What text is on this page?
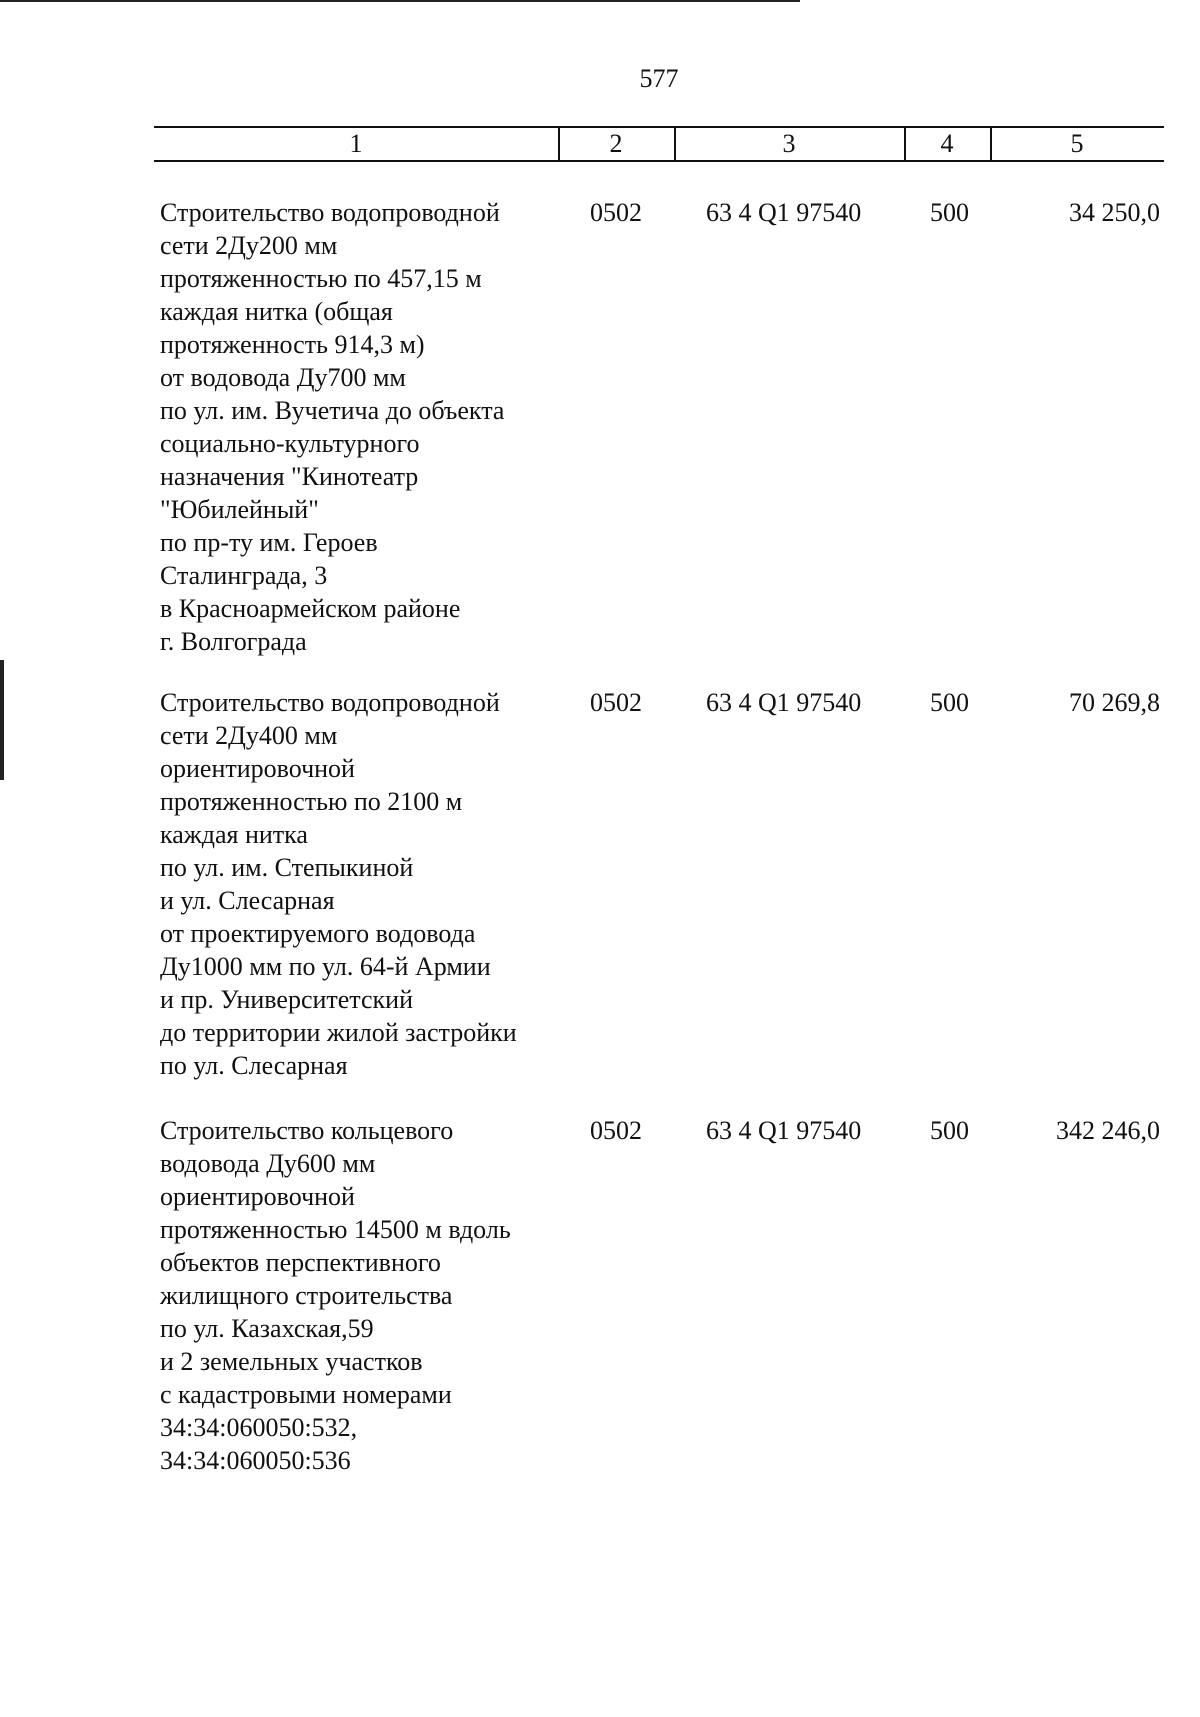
577
1	2	3	4	5
Строительство водопроводной
сети 2Ду200 мм
протяженностью по 457,15 м
каждая нитка (общая
протяженность 914,3 м)
от водовода Ду700 мм
по ул. им. Вучетича до объекта
социально-культурного
назначения "Кинотеатр
"Юбилейный"
по пр-ту им. Героев
Сталинграда, 3
в Красноармейском районе
г. Волгограда
0502	63 4 Q1 97540	500	34 250,0
Строительство водопроводной
сети 2Ду400 мм
ориентировочной
протяженностью по 2100 м
каждая нитка
по ул. им. Степыкиной
и ул. Слесарная
от проектируемого водовода
Ду1000 мм по ул. 64-й Армии
и пр. Университетский
до территории жилой застройки
по ул. Слесарная
0502	63 4 Q1 97540	500	70 269,8
Строительство кольцевого
водовода Ду600 мм
ориентировочной
протяженностью 14500 м вдоль
объектов перспективного
жилищного строительства
по ул. Казахская,59
и 2 земельных участков
с кадастровыми номерами
34:34:060050:532,
34:34:060050:536
0502	63 4 Q1 97540	500	342 246,0
